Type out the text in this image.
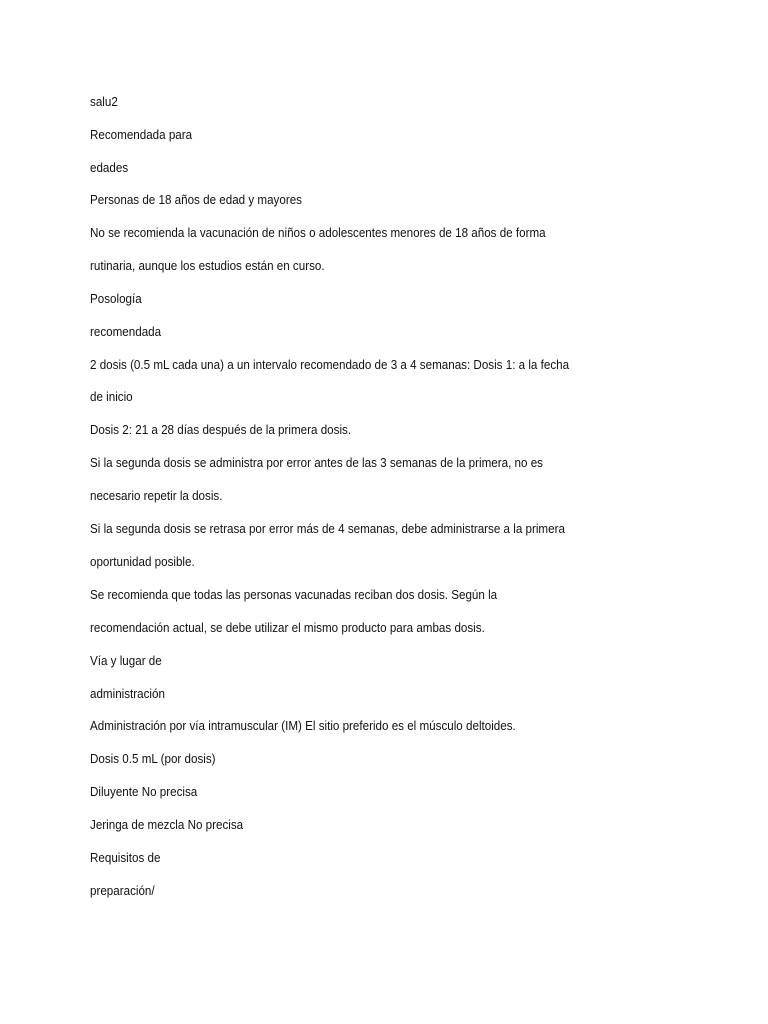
salu2

Recomendada para

edades

Personas de 18 años de edad y mayores

No se recomienda la vacunación de niños o adolescentes menores de 18 años de forma

rutinaria, aunque los estudios están en curso.

Posología

recomendada

2 dosis (0.5 mL cada una) a un intervalo recomendado de 3 a 4 semanas: Dosis 1: a la fecha

de inicio

Dosis 2: 21 a 28 días después de la primera dosis.

Si la segunda dosis se administra por error antes de las 3 semanas de la primera, no es

necesario repetir la dosis.

Si la segunda dosis se retrasa por error más de 4 semanas, debe administrarse a la primera

oportunidad posible.

Se recomienda que todas las personas vacunadas reciban dos dosis. Según la

recomendación actual, se debe utilizar el mismo producto para ambas dosis.

Vía y lugar de

administración

Administración por vía intramuscular (IM) El sitio preferido es el músculo deltoides.

Dosis 0.5 mL (por dosis)

Diluyente No precisa

Jeringa de mezcla No precisa

Requisitos de

preparación/
